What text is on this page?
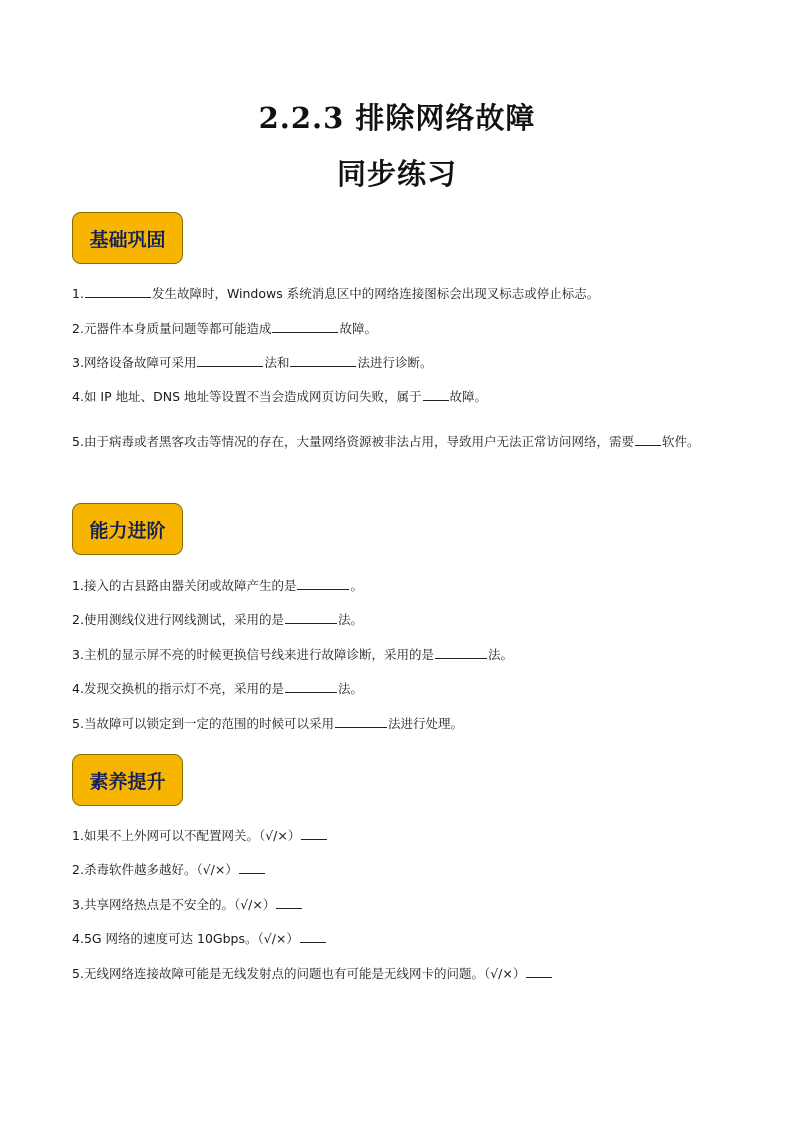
2.2.3 排除网络故障
同步练习
基础巩固
1.	发生故障时，Windows 系统消息区中的网络连接图标会出现叉标志或停止标志。
2.元器件本身质量问题等都可能造成	故障。
3.网络设备故障可采用	法和	法进行诊断。
4.如 IP 地址、DNS 地址等设置不当会造成网页访问失败，属于 故障。
5.由于病毒或者黑客攻击等情况的存在，大量网络资源被非法占用，导致用户无法正常访问网络，需要 软件。
能力进阶
1.接入的古县路由器关闭或故障产生的是	。
2.使用测线仪进行网线测试，采用的是	法。
3.主机的显示屏不亮的时候更换信号线来进行故障诊断，采用的是	法。
4.发现交换机的指示灯不亮，采用的是	法。
5.当故障可以锁定到一定的范围的时候可以采用	法进行处理。
素养提升
1.如果不上外网可以不配置网关。（√/×）
2.杀毒软件越多越好。（√/×）
3.共享网络热点是不安全的。（√/×）
4.5G 网络的速度可达 10Gbps。（√/×）
5.无线网络连接故障可能是无线发射点的问题也有可能是无线网卡的问题。（√/×）
